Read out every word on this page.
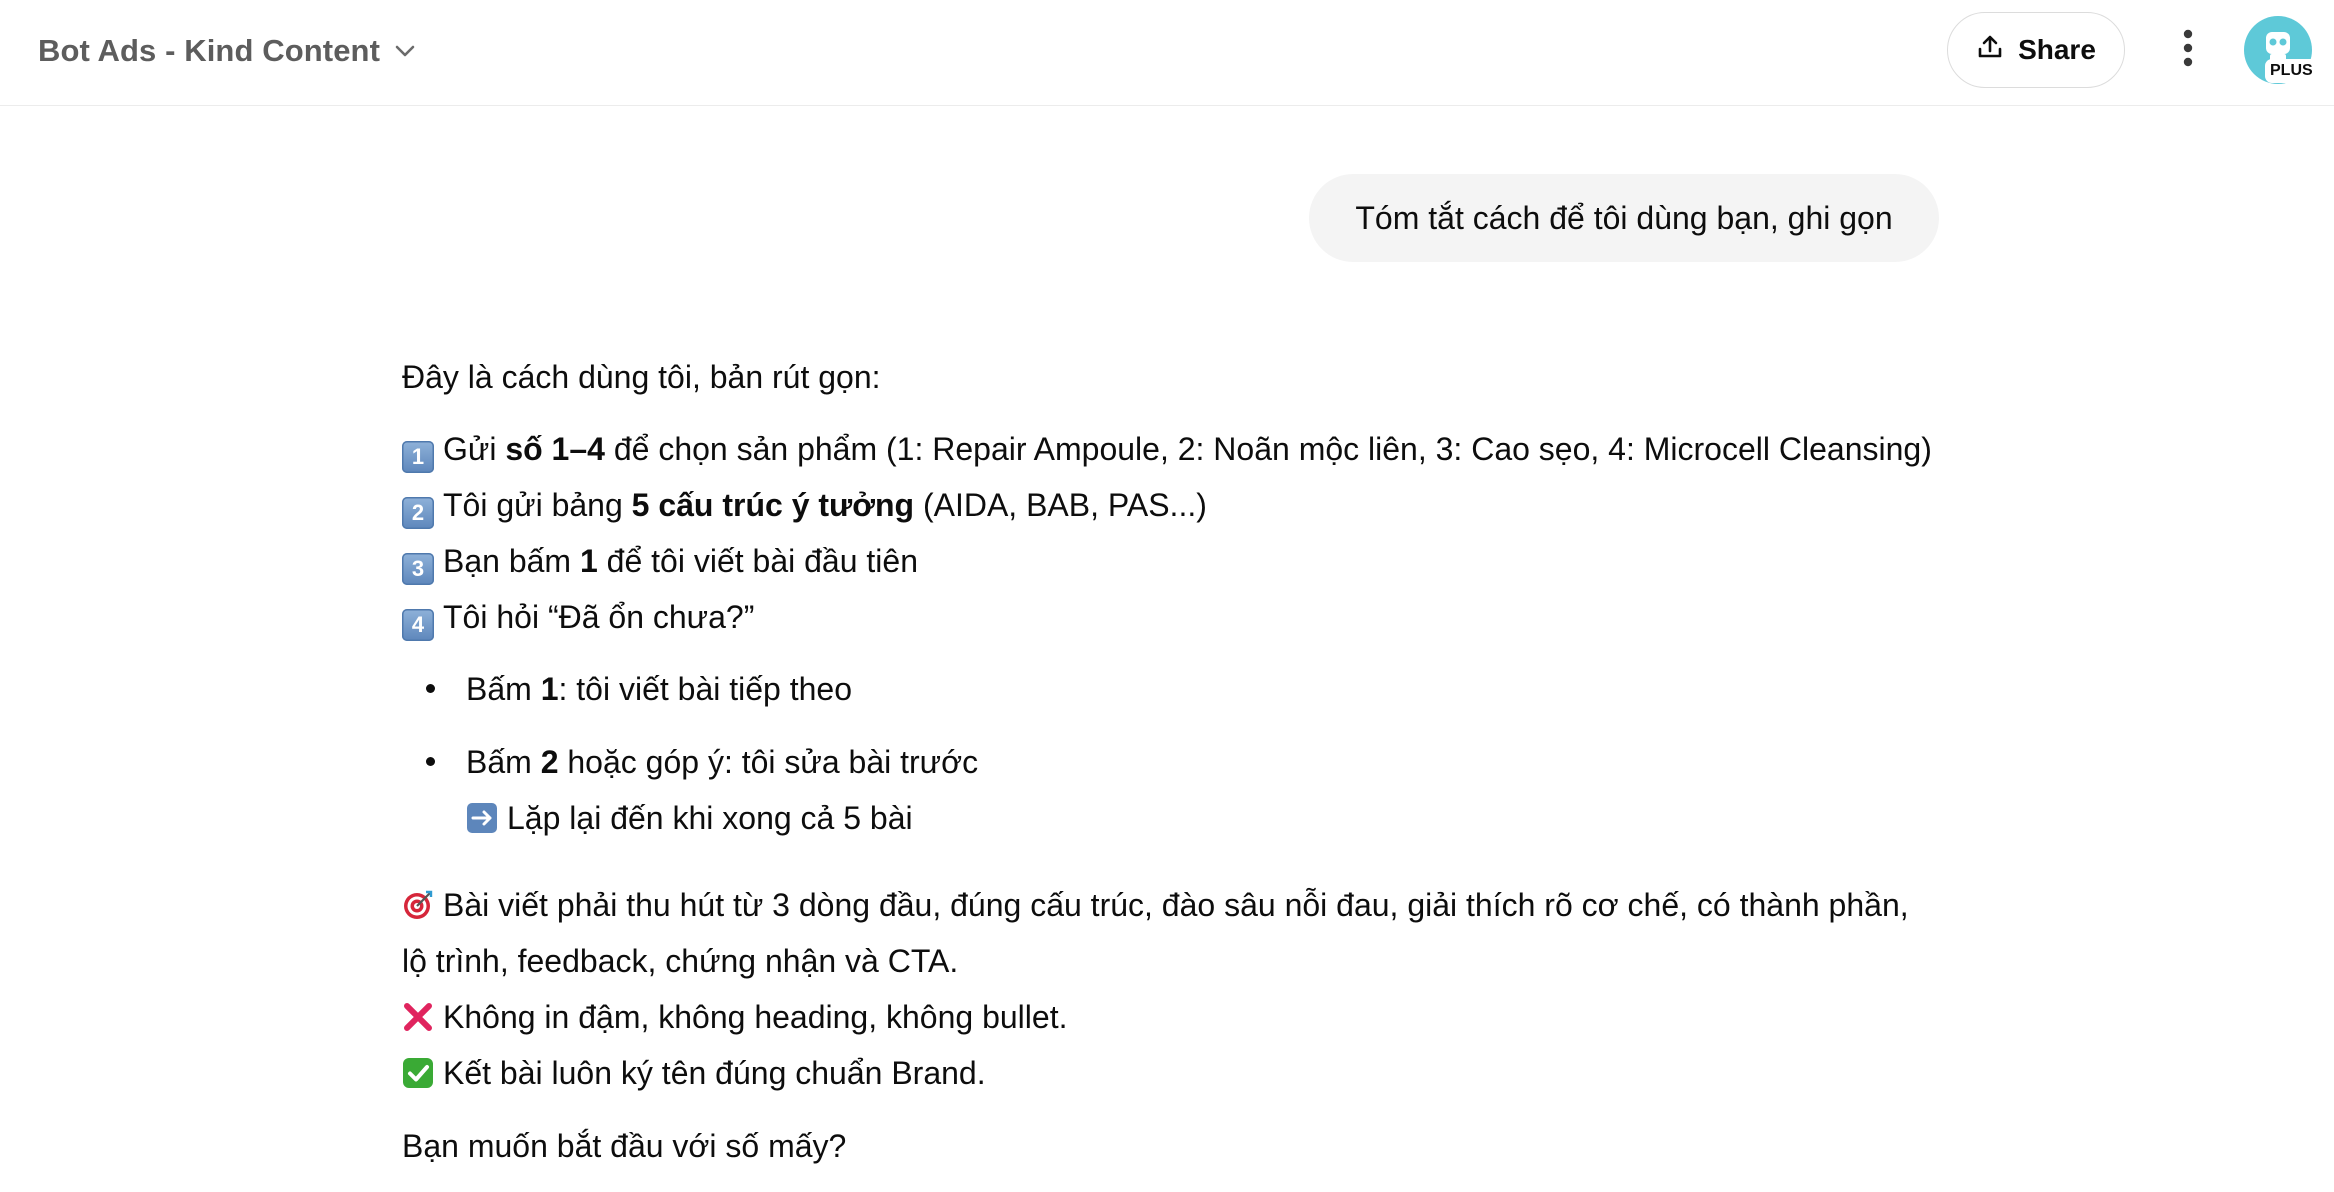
Bot Ads - Kind Content	Share
PLUS
Tóm tắt cách để tôi dùng bạn, ghi gọn
Đây là cách dùng tôi, bản rút gọn:
1 Gửi số 1–4 để chọn sản phẩm (1: Repair Ampoule, 2: Noãn mộc liên, 3: Cao sẹo, 4: Microcell Cleansing)
2 Tôi gửi bảng 5 cấu trúc ý tưởng (AIDA, BAB, PAS...)
3 Bạn bấm 1 để tôi viết bài đầu tiên
4 Tôi hỏi “Đã ổn chưa?”
Bấm 1: tôi viết bài tiếp theo
Bấm 2 hoặc góp ý: tôi sửa bài trước
Lặp lại đến khi xong cả 5 bài
Bài viết phải thu hút từ 3 dòng đầu, đúng cấu trúc, đào sâu nỗi đau, giải thích rõ cơ chế, có thành phần,
lộ trình, feedback, chứng nhận và CTA.
Không in đậm, không heading, không bullet.
Kết bài luôn ký tên đúng chuẩn Brand.
Bạn muốn bắt đầu với số mấy?
